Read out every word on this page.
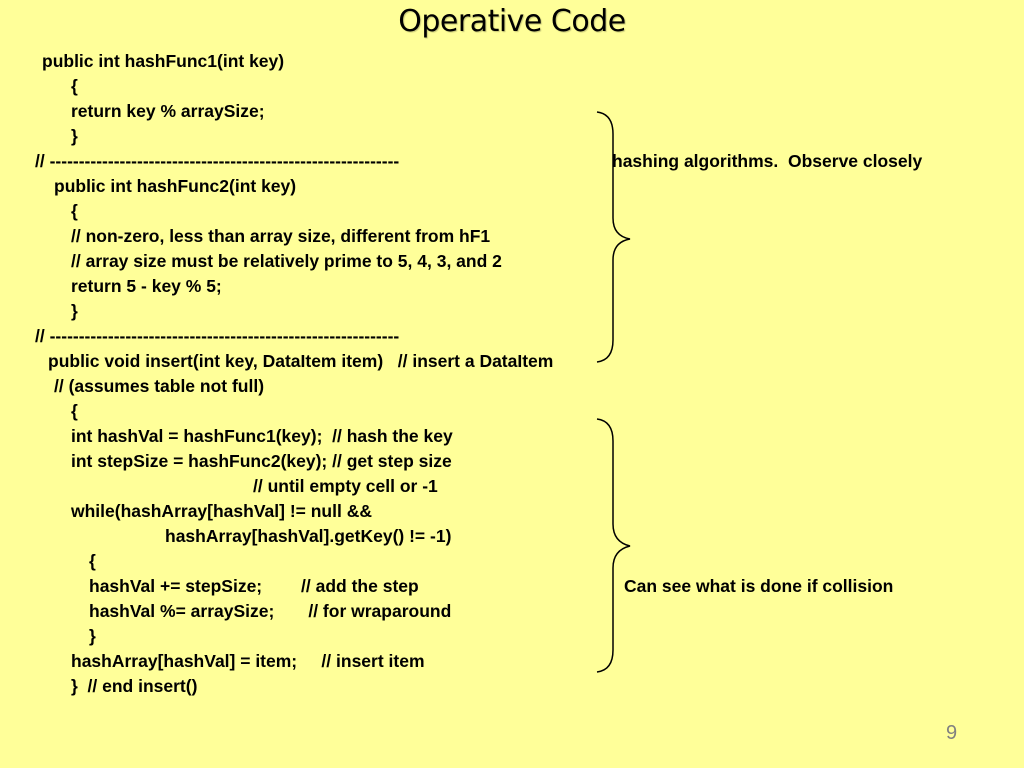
Operative Code
public int hashFunc1(int key)
{
return key % arraySize;
}
// ------------------------------------------------------------
public int hashFunc2(int key)
{
// non-zero, less than array size, different from hF1
// array size must be relatively prime to 5, 4, 3, and 2
return 5 - key % 5;
}
// ------------------------------------------------------------
public void insert(int key, DataItem item)   // insert a DataItem
// (assumes table not full)
{
int hashVal = hashFunc1(key);  // hash the key
int stepSize = hashFunc2(key); // get step size
// until empty cell or -1
while(hashArray[hashVal] != null &&
hashArray[hashVal].getKey() != -1)
{
hashVal += stepSize;        // add the step
hashVal %= arraySize;       // for wraparound
}
hashArray[hashVal] = item;     // insert item
}  // end insert()
hashing algorithms.  Observe closely
Can see what is done if collision
9
